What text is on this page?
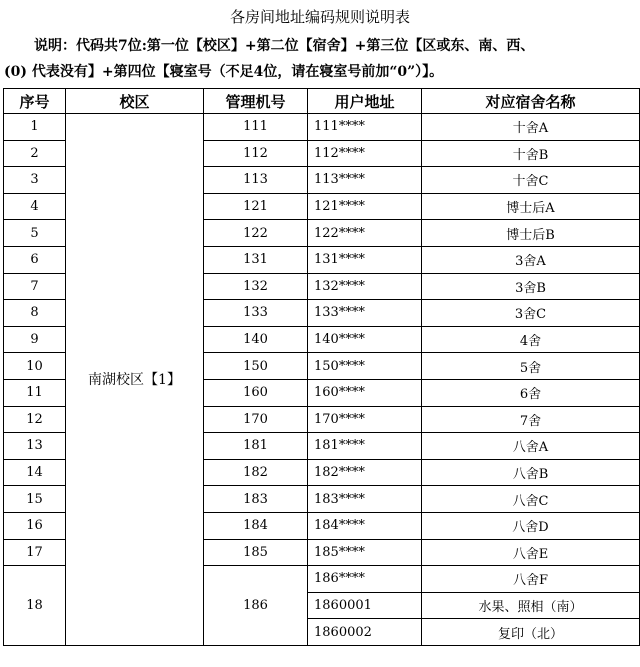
各房间地址编码规则说明表
说明：代码共7位:第一位【校区】+第二位【宿舍】+第三位【区或东、南、西、
(0) 代表没有】+第四位【寝室号（不足4位，请在寝室号前加“0”）】。
序号	校区	管理机号	用户地址	对应宿舍名称
1	南湖校区【1】	111	111****	十舍A
2		112	112****	十舍B
3		113	113****	十舍C
4		121	121****	博士后A
5		122	122****	博士后B
6		131	131****	3舍A
7		132	132****	3舍B
8		133	133****	3舍C
9		140	140****	4舍
10		150	150****	5舍
11		160	160****	6舍
12		170	170****	7舍
13		181	181****	八舍A
14		182	182****	八舍B
15		183	183****	八舍C
16		184	184****	八舍D
17		185	185****	八舍E
18		186	186****	八舍F
			1860001	水果、照相（南）
			1860002	复印（北）
